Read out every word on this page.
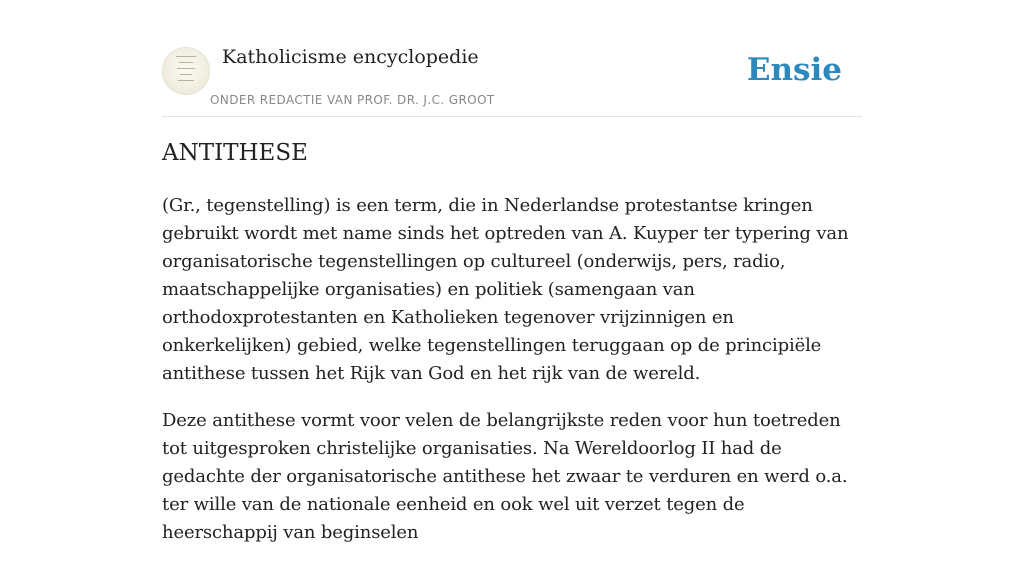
Katholicisme encyclopedie
ONDER REDACTIE VAN PROF. DR. J.C. GROOT
Ensie
ANTITHESE

(Gr., tegenstelling) is een term, die in Nederlandse protestantse kringen gebruikt wordt met name sinds het optreden van A. Kuyper ter typering van organisatorische tegenstellingen op cultureel (onderwijs, pers, radio, maatschappelijke organisaties) en politiek (samengaan van orthodoxprotestanten en Katholieken tegenover vrijzinnigen en onkerkelijken) gebied, welke tegenstellingen teruggaan op de principiële antithese tussen het Rijk van God en het rijk van de wereld.

Deze antithese vormt voor velen de belangrijkste reden voor hun toetreden tot uitgesproken christelijke organisaties. Na Wereldoorlog II had de gedachte der organisatorische antithese het zwaar te verduren en werd o.a. ter wille van de nationale eenheid en ook wel uit verzet tegen de heerschappij van beginselen
